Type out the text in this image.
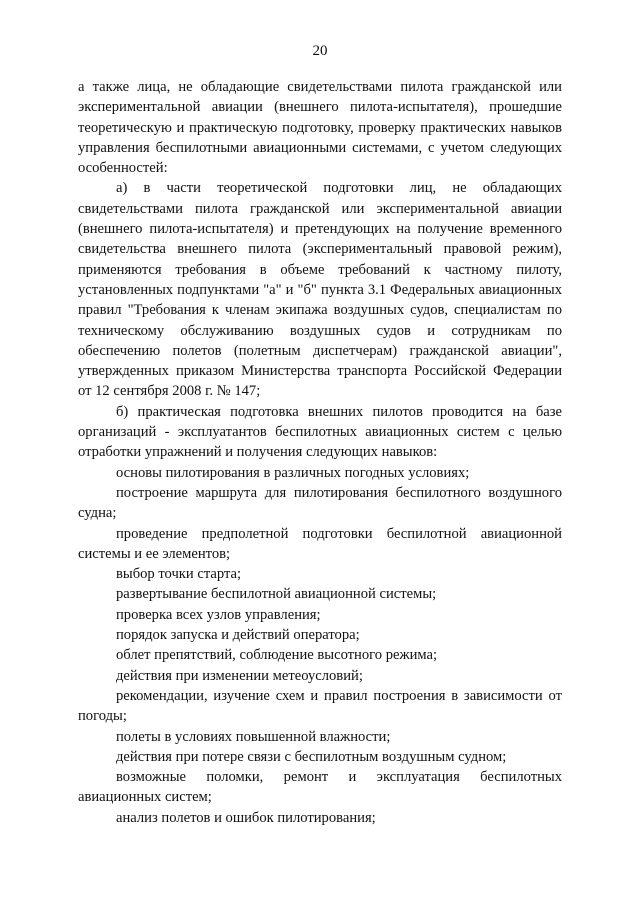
20

а также лица, не обладающие свидетельствами пилота гражданской или экспериментальной авиации (внешнего пилота-испытателя), прошедшие теоретическую и практическую подготовку, проверку практических навыков управления беспилотными авиационными системами, с учетом следующих особенностей:

а) в части теоретической подготовки лиц, не обладающих свидетельствами пилота гражданской или экспериментальной авиации (внешнего пилота-испытателя) и претендующих на получение временного свидетельства внешнего пилота (экспериментальный правовой режим), применяются требования в объеме требований к частному пилоту, установленных подпунктами "а" и "б" пункта 3.1 Федеральных авиационных правил "Требования к членам экипажа воздушных судов, специалистам по техническому обслуживанию воздушных судов и сотрудникам по обеспечению полетов (полетным диспетчерам) гражданской авиации", утвержденных приказом Министерства транспорта Российской Федерации от 12 сентября 2008 г. № 147;

б) практическая подготовка внешних пилотов проводится на базе организаций - эксплуатантов беспилотных авиационных систем с целью отработки упражнений и получения следующих навыков:

основы пилотирования в различных погодных условиях;

построение маршрута для пилотирования беспилотного воздушного судна;

проведение предполетной подготовки беспилотной авиационной системы и ее элементов;

выбор точки старта;

развертывание беспилотной авиационной системы;

проверка всех узлов управления;

порядок запуска и действий оператора;

облет препятствий, соблюдение высотного режима;

действия при изменении метеоусловий;

рекомендации, изучение схем и правил построения в зависимости от погоды;

полеты в условиях повышенной влажности;

действия при потере связи с беспилотным воздушным судном;

возможные поломки, ремонт и эксплуатация беспилотных авиационных систем;

анализ полетов и ошибок пилотирования;
